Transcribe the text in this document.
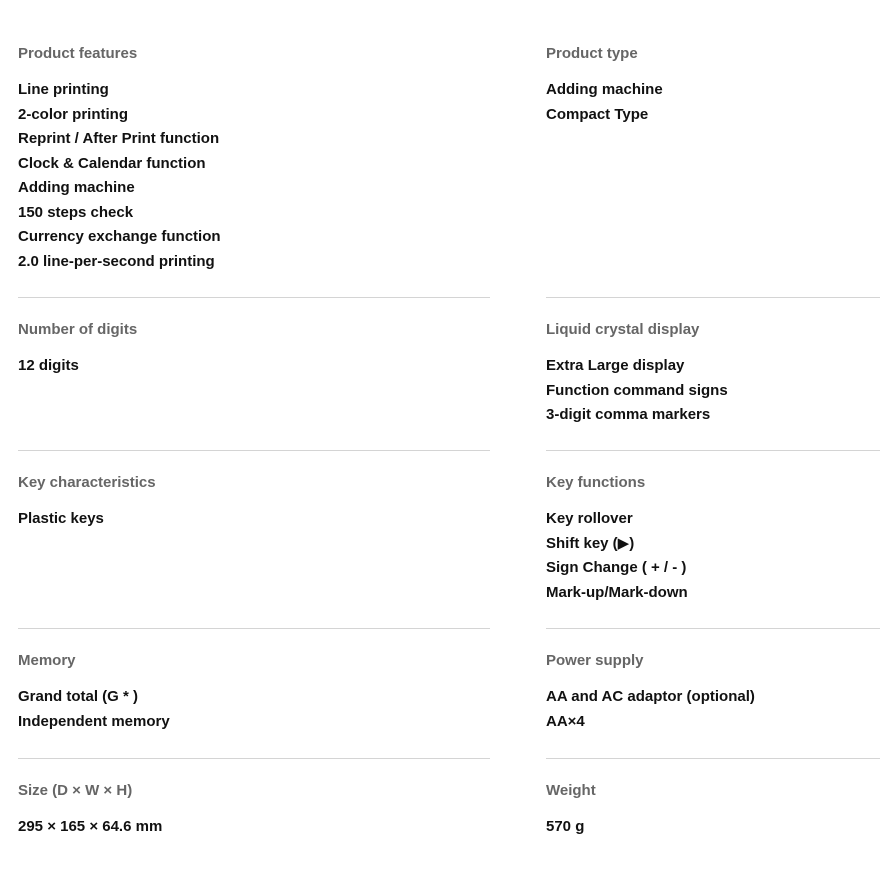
Product features
Line printing
2-color printing
Reprint / After Print function
Clock & Calendar function
Adding machine
150 steps check
Currency exchange function
2.0 line-per-second printing
Product type
Adding machine
Compact Type
Number of digits
12 digits
Liquid crystal display
Extra Large display
Function command signs
3-digit comma markers
Key characteristics
Plastic keys
Key functions
Key rollover
Shift key (▶)
Sign Change ( + / - )
Mark-up/Mark-down
Memory
Grand total (G * )
Independent memory
Power supply
AA and AC adaptor (optional)
AA×4
Size (D × W × H)
295 × 165 × 64.6 mm
Weight
570 g
